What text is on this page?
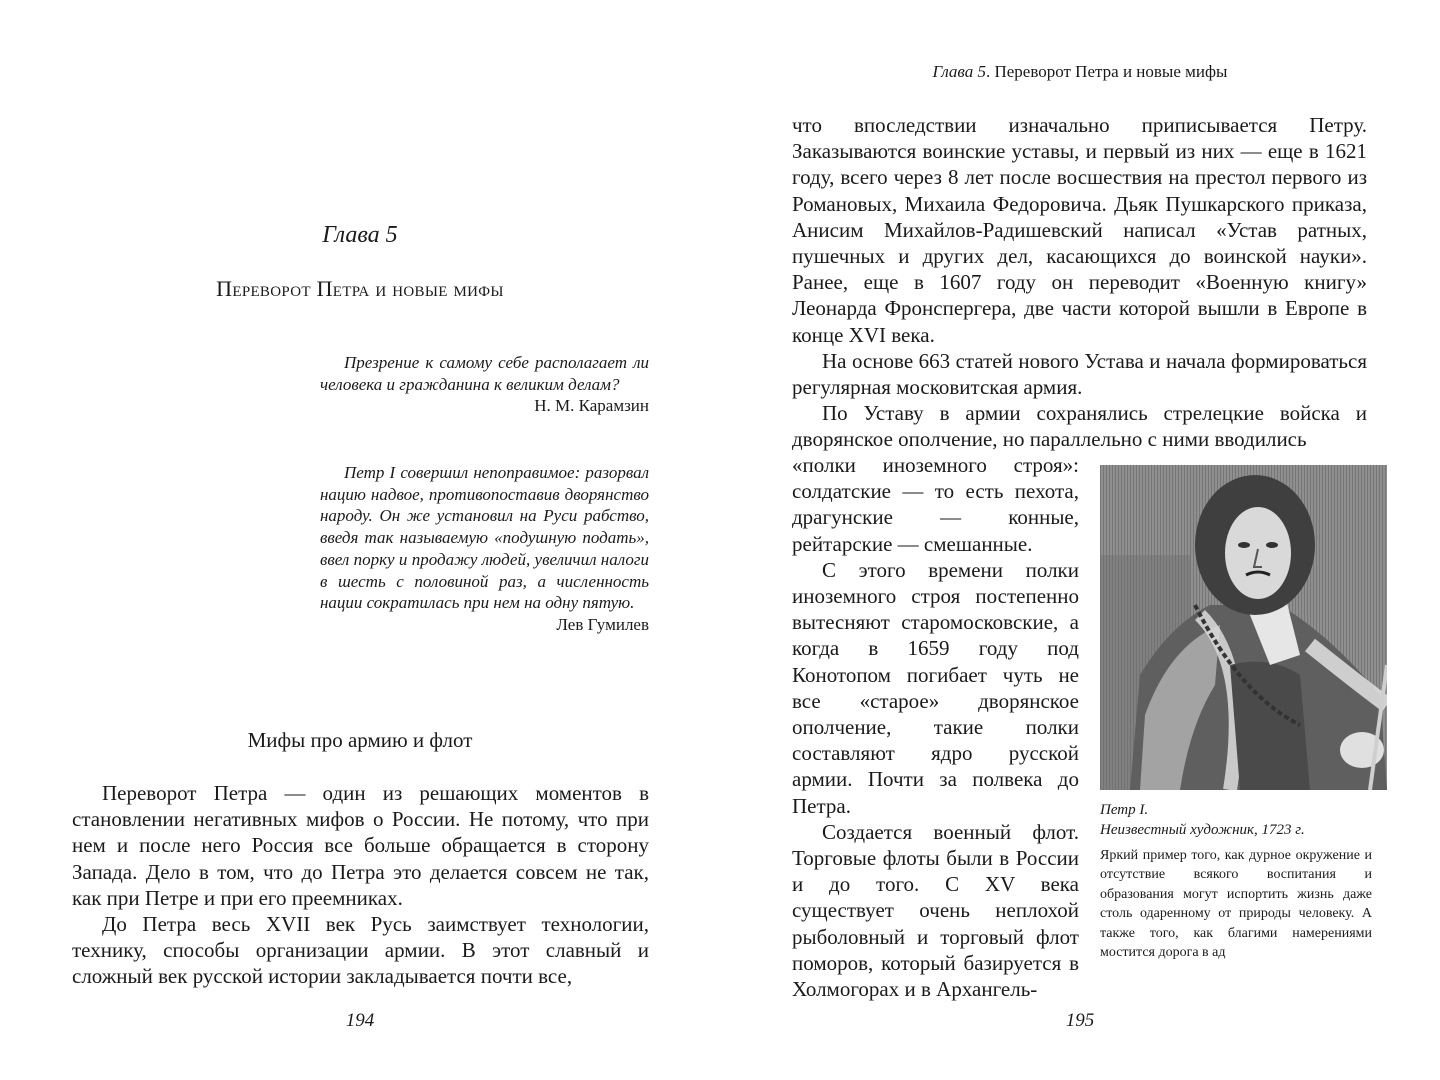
Глава 5
Переворот Петра и новые мифы

Презрение к самому себе располагает ли человека и гражданина к великим делам?

Н. М. Карамзин

Петр I совершил непоправимое: разорвал нацию надвое, противопоставив дворянство народу. Он же установил на Руси рабство, введя так называемую «подушную подать», ввел порку и продажу людей, увеличил налоги в шесть с половиной раз, а численность нации сократилась при нем на одну пятую.

Лев Гумилев

Мифы про армию и флот

Переворот Петра — один из решающих моментов в становлении негативных мифов о России. Не потому, что при нем и после него Россия все больше обращается в сторону Запада. Дело в том, что до Петра это делается совсем не так, как при Петре и при его преемниках.

До Петра весь XVII век Русь заимствует технологии, технику, способы организации армии. В этот славный и сложный век русской истории закладывается почти все,

194
Глава 5. Переворот Петра и новые мифы

что впоследствии изначально приписывается Петру. Заказываются воинские уставы, и первый из них — еще в 1621 году, всего через 8 лет после восшествия на престол первого из Романовых, Михаила Федоровича. Дьяк Пушкарского приказа, Анисим Михайлов-Радишевский написал «Устав ратных, пушечных и других дел, касающихся до воинской науки». Ранее, еще в 1607 году он переводит «Военную книгу» Леонарда Фронспергера, две части которой вышли в Европе в конце XVI века.

На основе 663 статей нового Устава и начала формироваться регулярная московитская армия.

По Уставу в армии сохранялись стрелецкие войска и дворянское ополчение, но параллельно с ними вводились

«полки иноземного строя»: солдатские — то есть пехота, драгунские — конные, рейтарские — смешанные.

С этого времени полки иноземного строя постепенно вытесняют старомосковские, а когда в 1659 году под Конотопом погибает чуть не все «старое» дворянское ополчение, такие полки составляют ядро русской армии. Почти за полвека до Петра.

Создается военный флот. Торговые флоты были в России и до того. С XV века существует очень неплохой рыболовный и торговый флот поморов, который базируется в Холмогорах и в Архангель-

Петр I.

Неизвестный художник, 1723 г.

Яркий пример того, как дурное окружение и отсутствие всякого воспитания и образования могут испортить жизнь даже столь одаренному от природы человеку. А также того, как благими намерениями мостится дорога в ад

195
